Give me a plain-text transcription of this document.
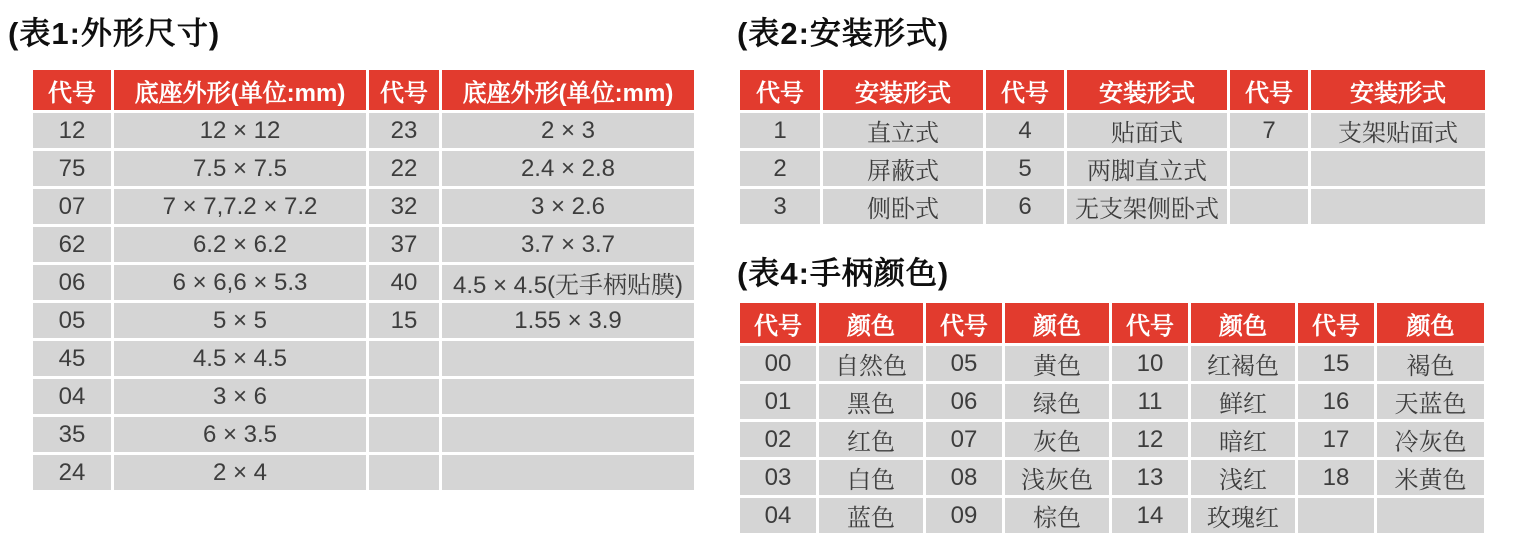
(表1:外形尺寸)
代号	底座外形(单位:mm)	代号	底座外形(单位:mm)
12	12 × 12	23	2 × 3
75	7.5 × 7.5	22	2.4 × 2.8
07	7 × 7,7.2 × 7.2	32	3 × 2.6
62	6.2 × 6.2	37	3.7 × 3.7
06	6 × 6,6 × 5.3	40	4.5 × 4.5(无手柄贴膜)
05	5 × 5	15	1.55 × 3.9
45	4.5 × 4.5		
04	3 × 6		
35	6 × 3.5		
24	2 × 4		
(表2:安装形式)
代号	安装形式	代号	安装形式	代号	安装形式
1	直立式	4	贴面式	7	支架贴面式
2	屏蔽式	5	两脚直立式		
3	侧卧式	6	无支架侧卧式		
(表4:手柄颜色)
代号	颜色	代号	颜色	代号	颜色	代号	颜色
00	自然色	05	黄色	10	红褐色	15	褐色
01	黑色	06	绿色	11	鲜红	16	天蓝色
02	红色	07	灰色	12	暗红	17	冷灰色
03	白色	08	浅灰色	13	浅红	18	米黄色
04	蓝色	09	棕色	14	玫瑰红		
